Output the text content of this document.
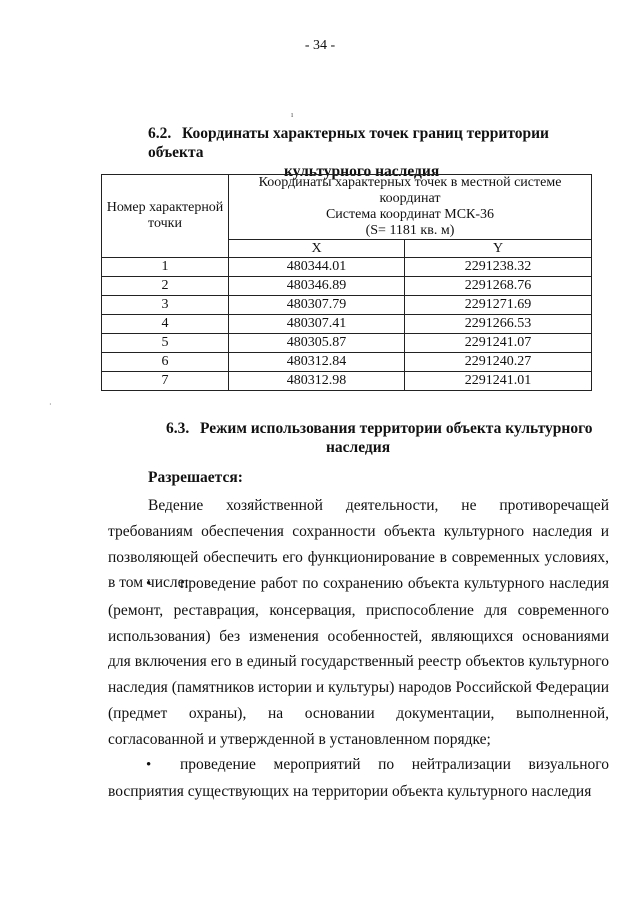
- 34 -
ı
·
6.2. Координаты характерных точек границ территории объекта
культурного наследия
Номер характерной точки	Координаты характерных точек в местной системе
координат
Система координат МСК-36
(S= 1181 кв. м)	

	X	Y
1	480344.01	2291238.32
2	480346.89	2291268.76
3	480307.79	2291271.69
4	480307.41	2291266.53
5	480305.87	2291241.07
6	480312.84	2291240.27
7	480312.98	2291241.01
6.3. Режим использования территории объекта культурного
наследия
Разрешается:
Ведение хозяйственной деятельности, не противоречащей требованиям обеспечения сохранности объекта культурного наследия и позволяющей обеспечить его функционирование в современных условиях, в том числе:
•проведение работ по сохранению объекта культурного наследия (ремонт, реставрация, консервация, приспособление для современного использования) без изменения особенностей, являющихся основаниями для включения его в единый государственный реестр объектов культурного наследия (памятников истории и культуры) народов Российской Федерации (предмет охраны), на основании документации, выполненной, согласованной и утвержденной в установленном порядке;
•проведение мероприятий по нейтрализации визуального восприятия существующих на территории объекта культурного наследия
